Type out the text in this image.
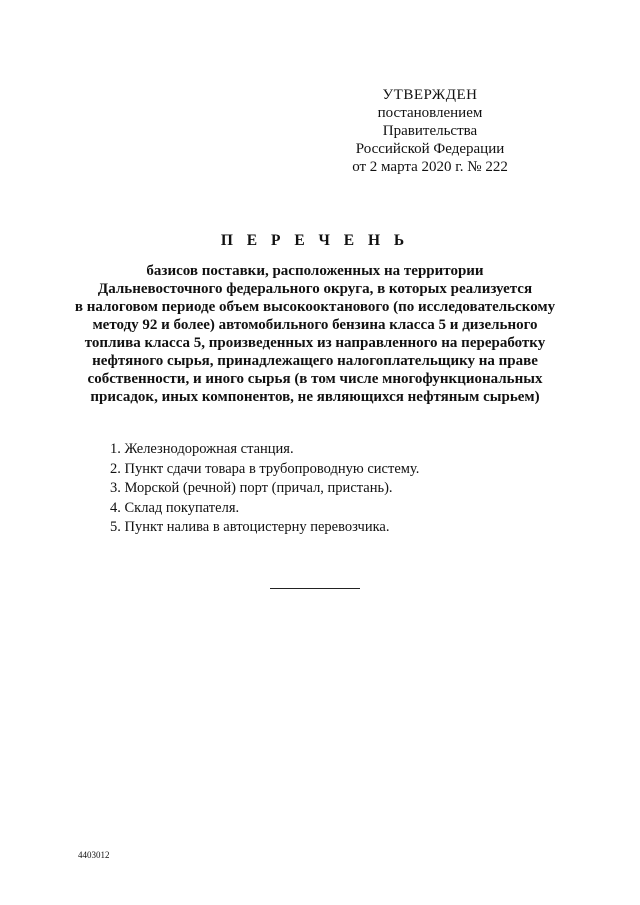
УТВЕРЖДЕН
постановлением Правительства
Российской Федерации
от 2 марта 2020 г. № 222
П Е Р Е Ч Е Н Ь
базисов поставки, расположенных на территории
Дальневосточного федерального округа, в которых реализуется
в налоговом периоде объем высокооктанового (по исследовательскому
методу 92 и более) автомобильного бензина класса 5 и дизельного
топлива класса 5, произведенных из направленного на переработку
нефтяного сырья, принадлежащего налогоплательщику на праве
собственности, и иного сырья (в том числе многофункциональных
присадок, иных компонентов, не являющихся нефтяным сырьем)
1. Железнодорожная станция.
2. Пункт сдачи товара в трубопроводную систему.
3. Морской (речной) порт (причал, пристань).
4. Склад покупателя.
5. Пункт налива в автоцистерну перевозчика.
4403012
